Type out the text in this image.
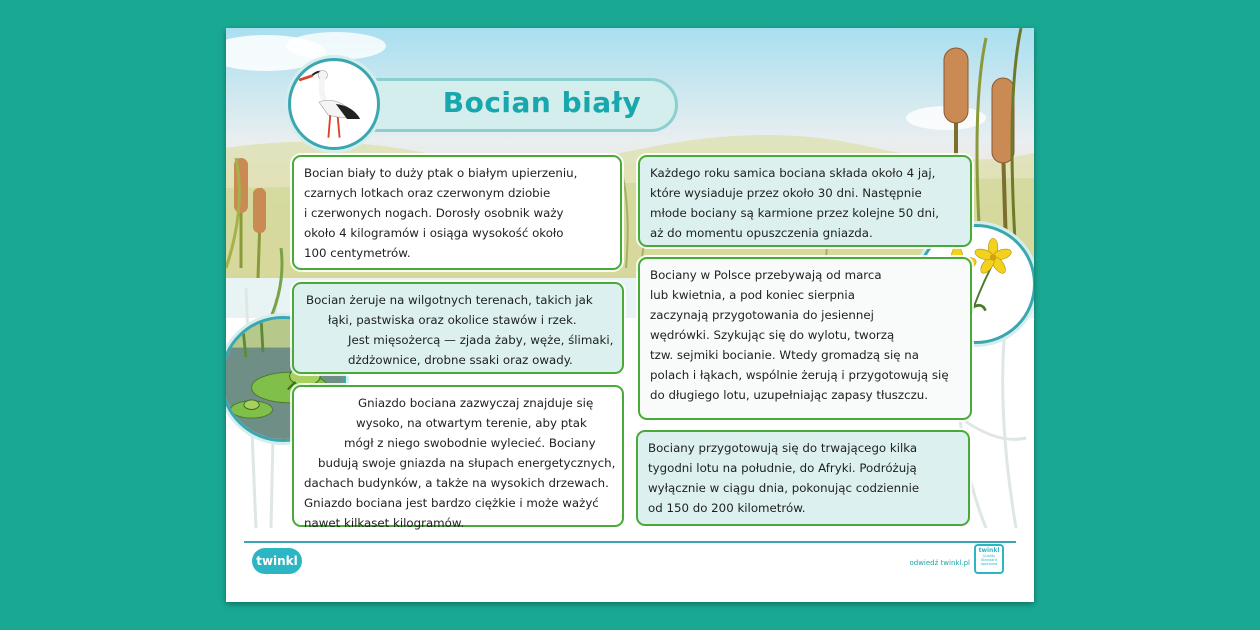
Bocian biały
Bocian biały to duży ptak o białym upierzeniu,
czarnych lotkach oraz czerwonym dziobie
i czerwonych nogach. Dorosły osobnik waży
około 4 kilogramów i osiąga wysokość około
100 centymetrów.
Bocian żeruje na wilgotnych terenach, takich jak
łąki, pastwiska oraz okolice stawów i rzek.
Jest mięsożercą — zjada żaby, węże, ślimaki,
dżdżownice, drobne ssaki oraz owady.
Gniazdo bociana zazwyczaj znajduje się
wysoko, na otwartym terenie, aby ptak
mógł z niego swobodnie wylecieć. Bociany
budują swoje gniazda na słupach energetycznych,
dachach budynków, a także na wysokich drzewach.
Gniazdo bociana jest bardzo ciężkie i może ważyć
nawet kilkaset kilogramów.
Każdego roku samica bociana składa około 4 jaj,
które wysiaduje przez około 30 dni. Następnie
młode bociany są karmione przez kolejne 50 dni,
aż do momentu opuszczenia gniazda.
Bociany w Polsce przebywają od marca
lub kwietnia, a pod koniec sierpnia
zaczynają przygotowania do jesiennej
wędrówki. Szykując się do wylotu, tworzą
tzw. sejmiki bocianie. Wtedy gromadzą się na
polach i łąkach, wspólnie żerują i przygotowują się
do długiego lotu, uzupełniając zapasy tłuszczu.
Bociany przygotowują się do trwającego kilka
tygodni lotu na południe, do Afryki. Podróżują
wyłącznie w ciągu dnia, pokonując codziennie
od 150 do 200 kilometrów.
twinkl	odwiedź twinkl.pl
twinkl
Quality Standard Approved
